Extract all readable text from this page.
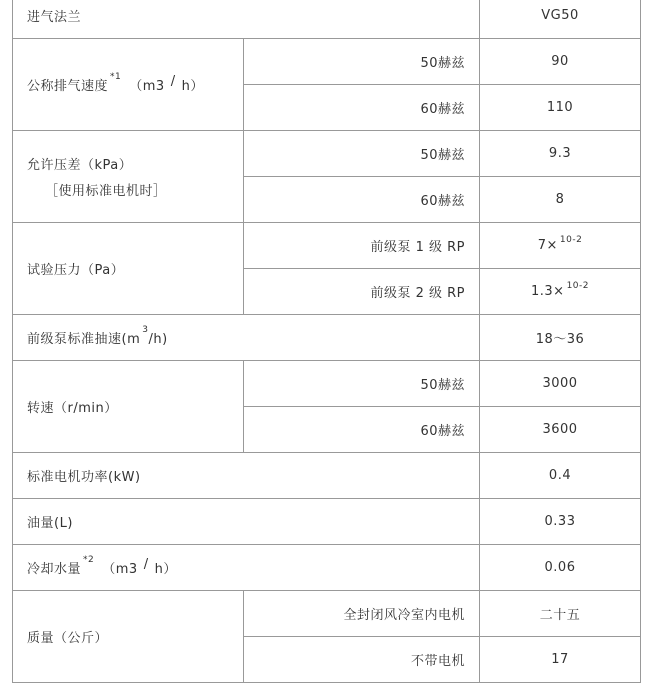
进气法兰		VG50
公称排气速度$^{*1}$（m3 / h）	50赫兹	90
	60赫兹	110
允许压差（kPa）
［使用标准电机时］	50赫兹	9.3
	60赫兹	8
试验压力（Pa）	前级泵 1 级 RP	7× $^{10-2}$
	前级泵 2 级 RP	1.3× $^{10-2}$
前级泵标准抽速$(m^3/h)$		18～36
转速（r/min）	50赫兹	3000
	60赫兹	3600
标准电机功率(kW)		0.4
油量(L)		0.33
冷却水量$^{*2}$（m3 / h）		0.06
质量（公斤）	全封闭风冷室内电机	二十五
	不带电机	17
